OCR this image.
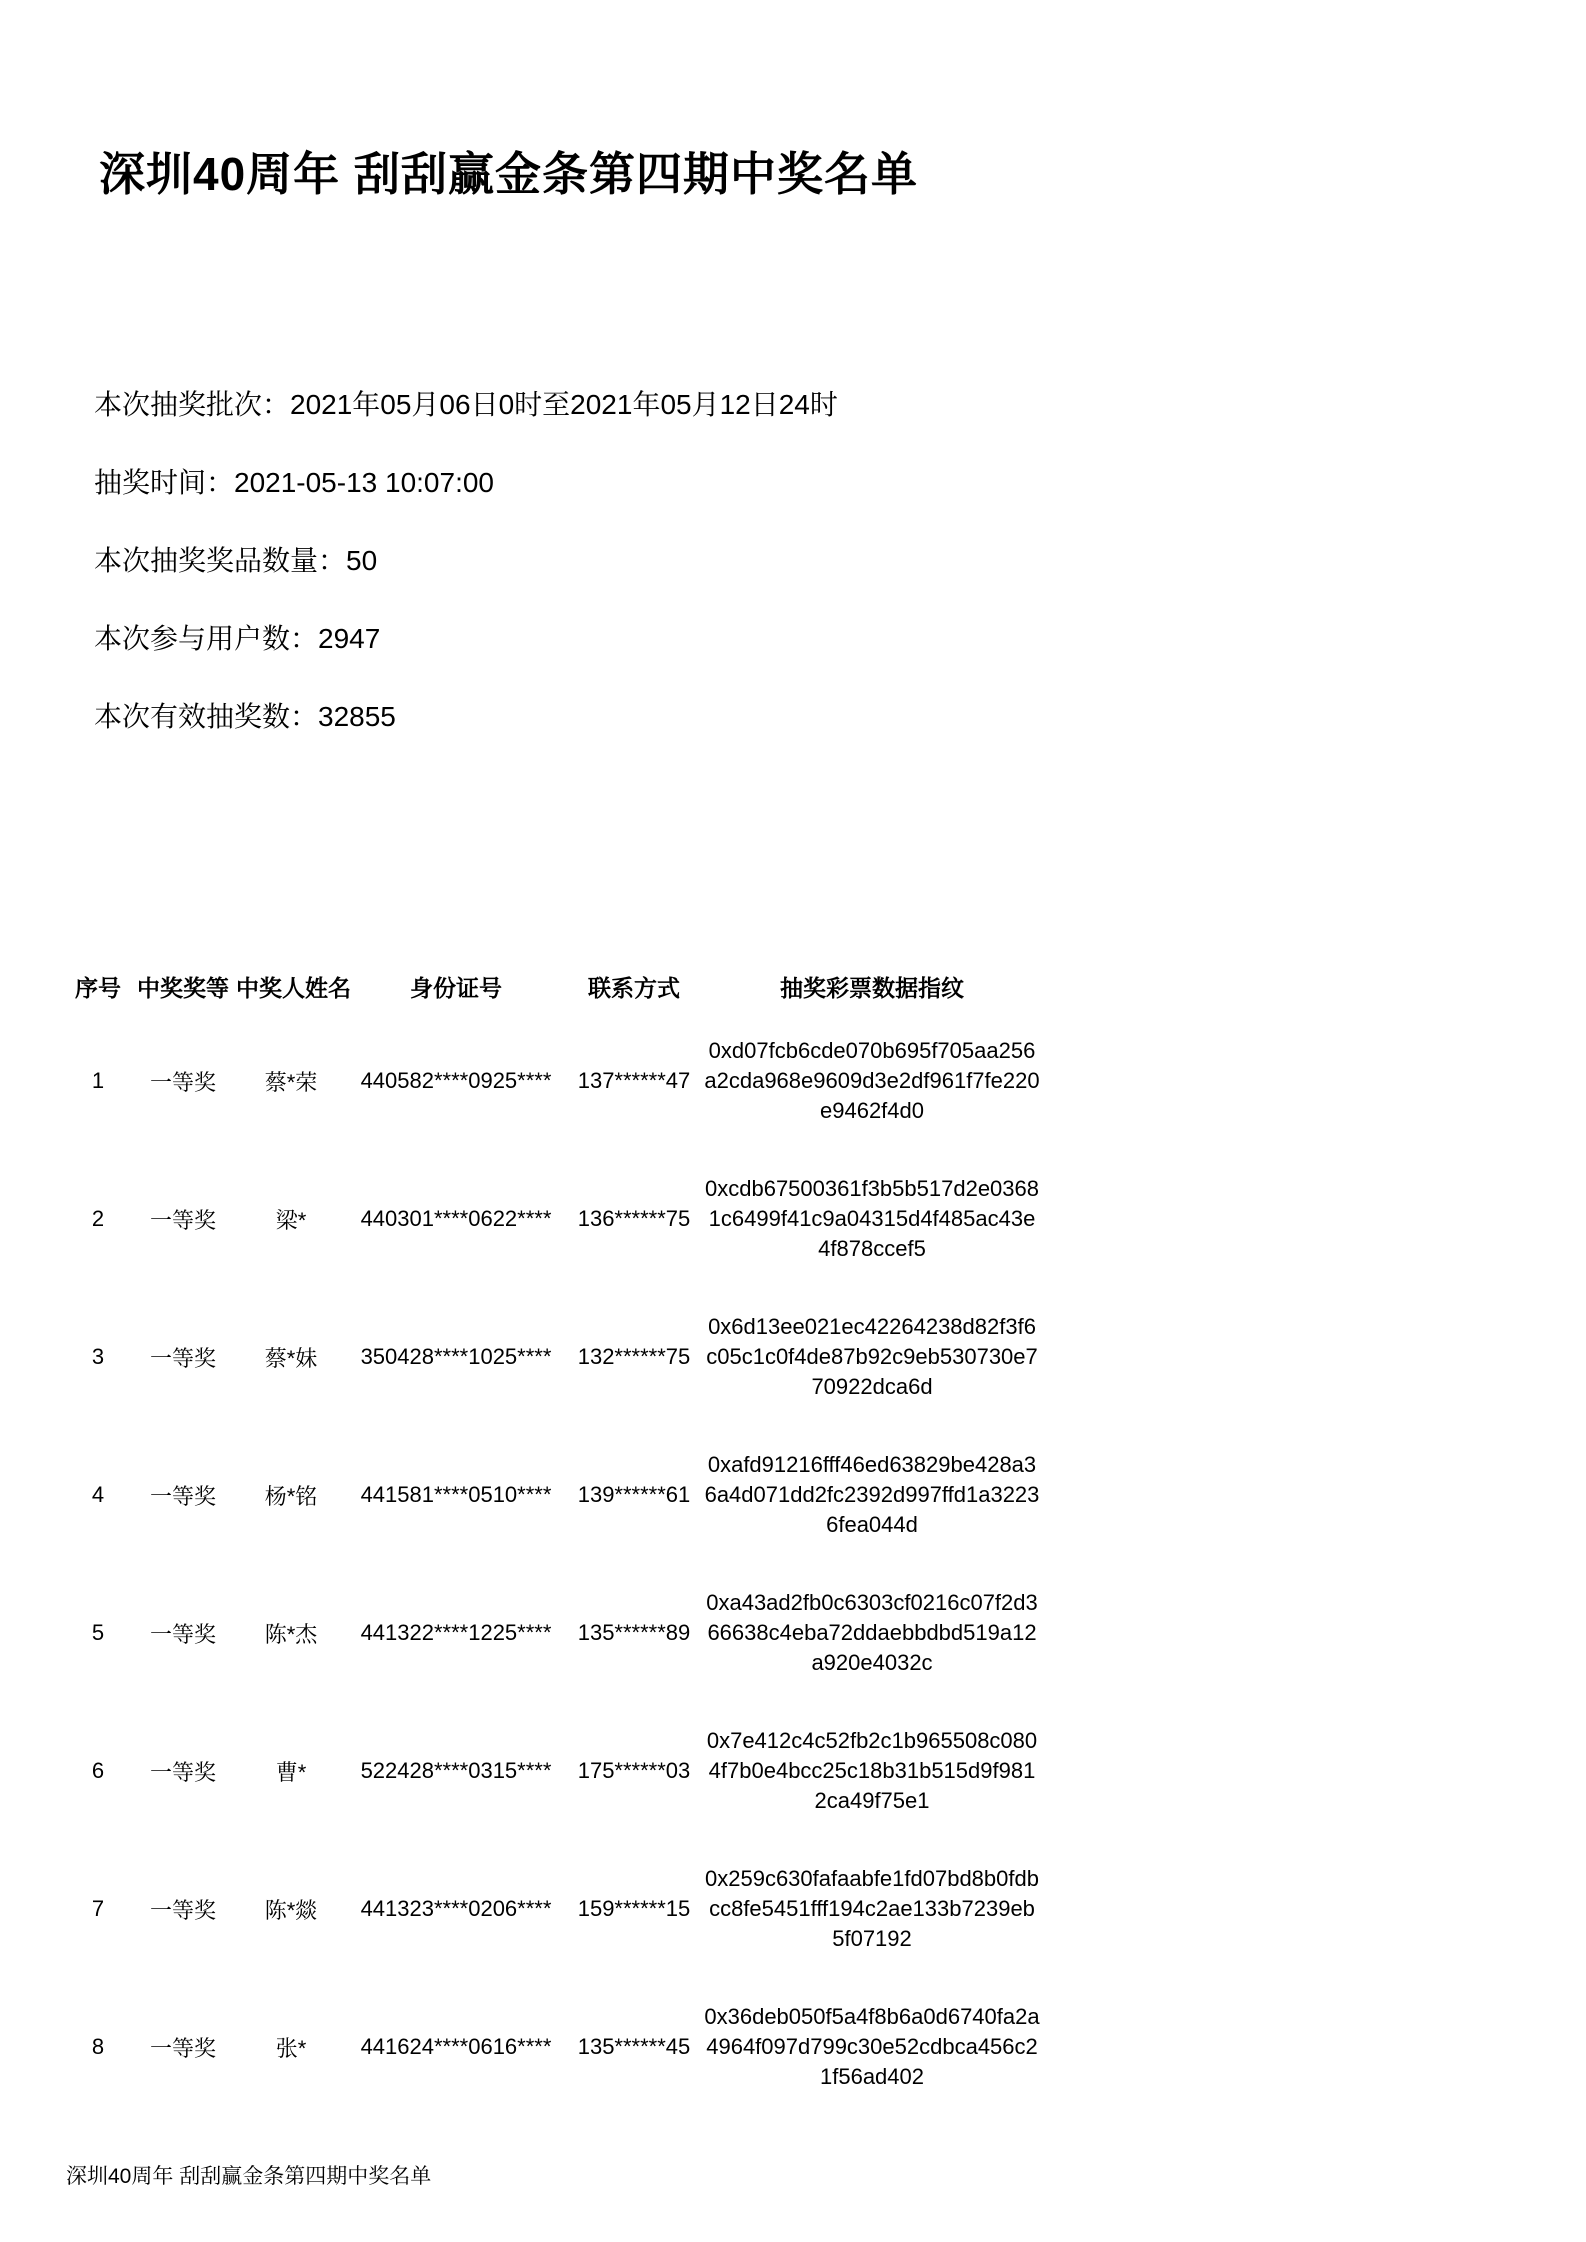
深圳40周年 刮刮赢金条第四期中奖名单
本次抽奖批次：2021年05月06日0时至2021年05月12日24时
抽奖时间：2021-05-13 10:07:00
本次抽奖奖品数量：50
本次参与用户数：2947
本次有效抽奖数：32855
序号	中奖奖等	中奖人姓名	身份证号	联系方式	抽奖彩票数据指纹
1	一等奖	蔡*荣	440582****0925****	137******47	0xd07fcb6cde070b695f705aa256a2cda968e9609d3e2df961f7fe220e9462f4d0
2	一等奖	梁*	440301****0622****	136******75	0xcdb67500361f3b5b517d2e03681c6499f41c9a04315d4f485ac43e4f878ccef5
3	一等奖	蔡*妹	350428****1025****	132******75	0x6d13ee021ec42264238d82f3f6c05c1c0f4de87b92c9eb530730e770922dca6d
4	一等奖	杨*铭	441581****0510****	139******61	0xafd91216fff46ed63829be428a36a4d071dd2fc2392d997ffd1a32236fea044d
5	一等奖	陈*杰	441322****1225****	135******89	0xa43ad2fb0c6303cf0216c07f2d366638c4eba72ddaebbdbd519a12a920e4032c
6	一等奖	曹*	522428****0315****	175******03	0x7e412c4c52fb2c1b965508c0804f7b0e4bcc25c18b31b515d9f9812ca49f75e1
7	一等奖	陈*燚	441323****0206****	159******15	0x259c630fafaabfe1fd07bd8b0fdbcc8fe5451fff194c2ae133b7239eb5f07192
8	一等奖	张*	441624****0616****	135******45	0x36deb050f5a4f8b6a0d6740fa2a4964f097d799c30e52cdbca456c21f56ad402
深圳40周年 刮刮赢金条第四期中奖名单
